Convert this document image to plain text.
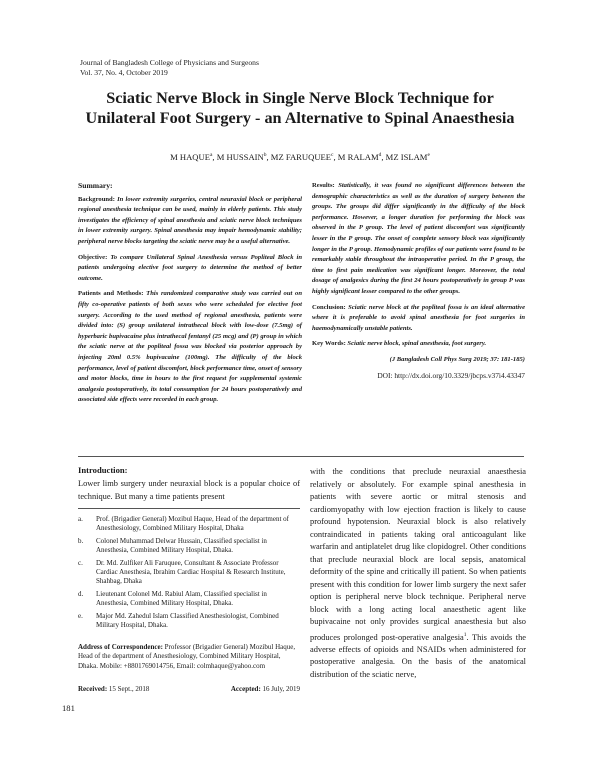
Journal of Bangladesh College of Physicians and Surgeons
Vol. 37, No. 4, October 2019
Sciatic Nerve Block in Single Nerve Block Technique for Unilateral Foot Surgery - an Alternative to Spinal Anaesthesia
M HAQUE$^a$, M HUSSAIN$^b$, MZ FARUQUEE$^c$, M RALAM$^d$, MZ ISLAM$^e$
Summary:

Background: In lower extremity surgeries, central neuraxial block or peripheral regional anesthesia technique can be used, mainly in elderly patients. This study investigates the efficiency of spinal anesthesia and sciatic nerve block techniques in lower extremity surgery. Spinal anesthesia may impair hemodynamic stability; peripheral nerve blocks targeting the sciatic nerve may be a useful alternative.

Objective: To compare Unilateral Spinal Anesthesia versus Popliteal Block in patients undergoing elective foot surgery to determine the method of better outcome.

Patients and Methods: This randomized comparative study was carried out on fifty co-operative patients of both sexes who were scheduled for elective foot surgery. According to the used method of regional anesthesia, patients were divided into: (S) group unilateral intrathecal block with low-dose (7.5mg) of hyperbaric bupivacaine plus intrathecal fentanyl (25 mcg) and (P) group in which the sciatic nerve at the popliteal fossa was blocked via posterior approach by injecting 20ml 0.5% bupivacaine (100mg). The difficulty of the block performance, level of patient discomfort, block performance time, onset of sensory and motor blocks, time in hours to the first request for supplemental systemic analgesia postoperatively, its total consumption for 24 hours postoperatively and associated side effects were recorded in each group.

Results: Statistically, it was found no significant differences between the demographic characteristics as well as the duration of surgery between the groups. The groups did differ significantly in the difficulty of the block performance. However, a longer duration for performing the block was observed in the P group. The level of patient discomfort was significantly lesser in the P group. The onset of complete sensory block was significantly longer in the P group. Hemodynamic profiles of our patients were found to be remarkably stable throughout the intraoperative period. In the P group, the time to first pain medication was significant longer. Moreover, the total dosage of analgesics during the first 24 hours postoperatively in group P was highly significant lesser compared to the other groups.

Conclusion: Sciatic nerve block at the popliteal fossa is an ideal alternative where it is preferable to avoid spinal anesthesia for foot surgeries in haemodynamically unstable patients.

Key Words: Sciatic nerve block, spinal anesthesia, foot surgery.

(J Bangladesh Coll Phys Surg 2019; 37: 181-185)

DOI: http://dx.doi.org/10.3329/jbcps.v37i4.43347

Introduction:
Lower limb surgery under neuraxial block is a popular choice of technique. But many a time patients present
with the conditions that preclude neuraxial anaesthesia relatively or absolutely. For example spinal anesthesia in patients with severe aortic or mitral stenosis and cardiomyopathy with low ejection fraction is likely to cause profound hypotension. Neuraxial block is also relatively contraindicated in patients taking oral anticoagulant like warfarin and antiplatelet drug like clopidogrel. Other conditions that preclude neuraxial block are local sepsis, anatomical deformity of the spine and critically ill patient. So when patients present with this condition for lower limb surgery the next safer option is peripheral nerve block technique. Peripheral nerve block with a long acting local anaesthetic agent like bupivacaine not only provides surgical anaesthesia but also produces prolonged post-operative analgesia$^1$. This avoids the adverse effects of opioids and NSAIDs when administered for postoperative analgesia. On the basis of the anatomical distribution of the sciatic nerve,
a.	Prof. (Brigadier General) Mozibul Haque, Head of the department of Anesthesiology, Combined Military Hospital, Dhaka
b.	Colonel Muhammad Delwar Hussain, Classified specialist in Anesthesia, Combined Military Hospital, Dhaka.
c.	Dr. Md. Zulfiker Ali Faruquee, Consultant & Associate Professor Cardiac Anesthesia, Ibrahim Cardiac Hospital & Research Institute, Shahbag, Dhaka
d.	Lieutenant Colonel Md. Rabiul Alam, Classified specialist in Anesthesia, Combined Military Hospital, Dhaka.
e.	Major Md. Zahedul Islam Classified Anesthesiologist, Combined Military Hospital, Dhaka.
Address of Correspondence: Professor (Brigadier General) Mozibul Haque, Head of the department of Anesthesiology, Combined Military Hospital, Dhaka. Mobile: +8801769014756, Email: colmhaque@yahoo.com
Received: 15 Sept., 2018	Accepted: 16 July, 2019
181
